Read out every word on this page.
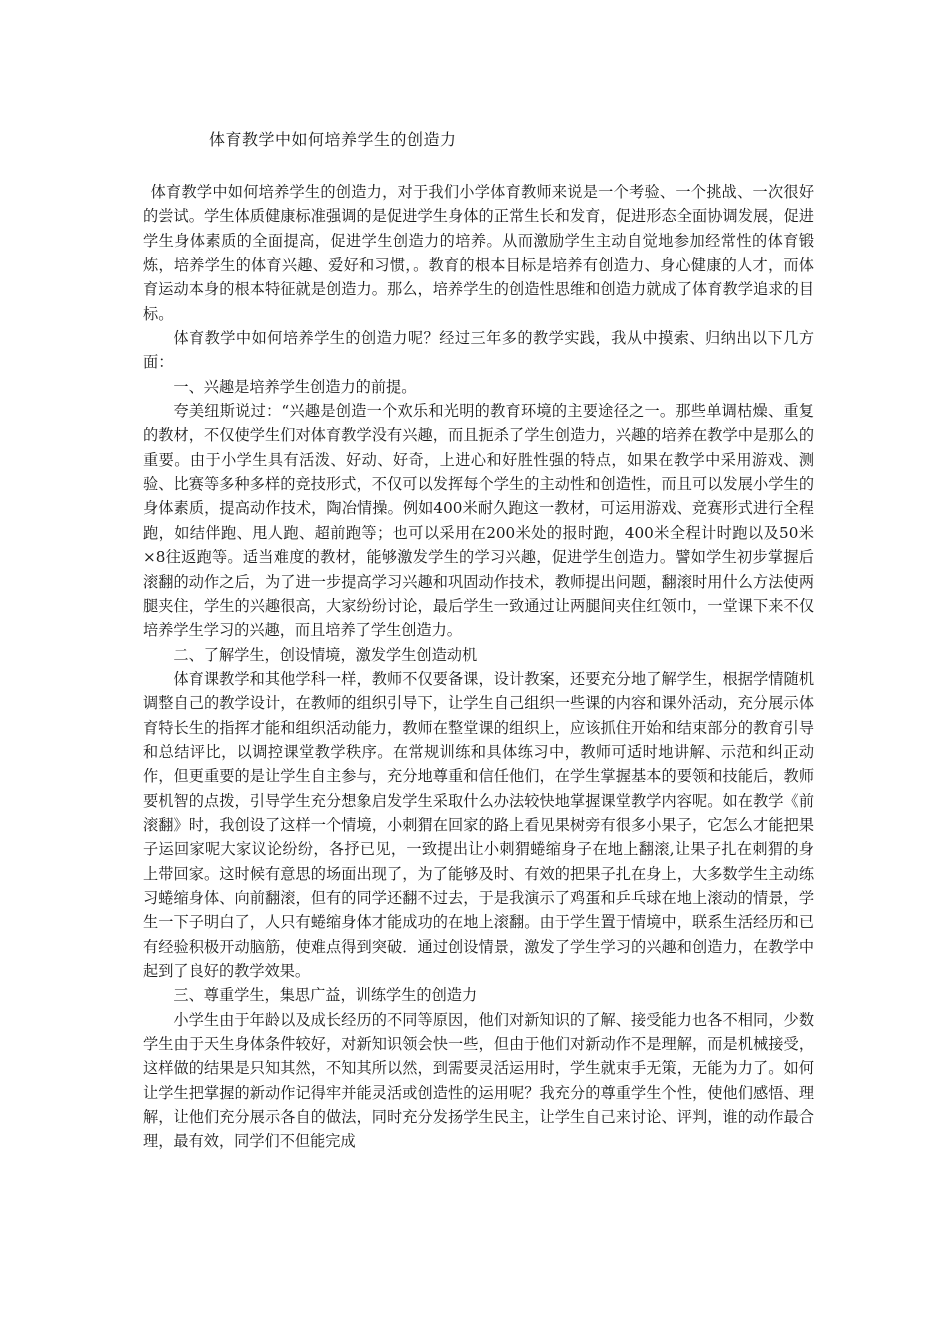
体育教学中如何培养学生的创造力

体育教学中如何培养学生的创造力，对于我们小学体育教师来说是一个考验、一个挑战、一次很好的尝试。学生体质健康标准强调的是促进学生身体的正常生长和发育，促进形态全面协调发展，促进学生身体素质的全面提高，促进学生创造力的培养。从而激励学生主动自觉地参加经常性的体育锻炼，培养学生的体育兴趣、爱好和习惯，。教育的根本目标是培养有创造力、身心健康的人才，而体育运动本身的根本特征就是创造力。那么，培养学生的创造性思维和创造力就成了体育教学追求的目标。

体育教学中如何培养学生的创造力呢？经过三年多的教学实践，我从中摸索、归纳出以下几方面：

一、兴趣是培养学生创造力的前提。

夸美纽斯说过：“兴趣是创造一个欢乐和光明的教育环境的主要途径之一。那些单调枯燥、重复的教材，不仅使学生们对体育教学没有兴趣，而且扼杀了学生创造力，兴趣的培养在教学中是那么的重要。由于小学生具有活泼、好动、好奇，上进心和好胜性强的特点，如果在教学中采用游戏、测验、比赛等多种多样的竞技形式，不仅可以发挥每个学生的主动性和创造性，而且可以发展小学生的身体素质，提高动作技术，陶冶情操。例如400米耐久跑这一教材，可运用游戏、竞赛形式进行全程跑，如结伴跑、甩人跑、超前跑等；也可以采用在200米处的报时跑，400米全程计时跑以及50米×8往返跑等。适当难度的教材，能够激发学生的学习兴趣，促进学生创造力。譬如学生初步掌握后滚翻的动作之后，为了进一步提高学习兴趣和巩固动作技术，教师提出问题，翻滚时用什么方法使两腿夹住，学生的兴趣很高，大家纷纷讨论，最后学生一致通过让两腿间夹住红领巾，一堂课下来不仅培养学生学习的兴趣，而且培养了学生创造力。

二、了解学生，创设情境，激发学生创造动机

体育课教学和其他学科一样，教师不仅要备课，设计教案，还要充分地了解学生，根据学情随机调整自己的教学设计，在教师的组织引导下，让学生自己组织一些课的内容和课外活动，充分展示体育特长生的指挥才能和组织活动能力，教师在整堂课的组织上，应该抓住开始和结束部分的教育引导和总结评比，以调控课堂教学秩序。在常规训练和具体练习中，教师可适时地讲解、示范和纠正动作，但更重要的是让学生自主参与，充分地尊重和信任他们，在学生掌握基本的要领和技能后，教师要机智的点拨，引导学生充分想象启发学生采取什么办法较快地掌握课堂教学内容呢。如在教学《前滚翻》时，我创设了这样一个情境，小刺猬在回家的路上看见果树旁有很多小果子，它怎么才能把果子运回家呢大家议论纷纷，各抒已见，一致提出让小刺猬蜷缩身子在地上翻滚,让果子扎在刺猬的身上带回家。这时候有意思的场面出现了，为了能够及时、有效的把果子扎在身上，大多数学生主动练习蜷缩身体、向前翻滚，但有的同学还翻不过去，于是我演示了鸡蛋和乒乓球在地上滚动的情景，学生一下子明白了，人只有蜷缩身体才能成功的在地上滚翻。由于学生置于情境中，联系生活经历和已有经验积极开动脑筋，使难点得到突破．通过创设情景，激发了学生学习的兴趣和创造力，在教学中起到了良好的教学效果。

三、尊重学生，集思广益，训练学生的创造力

小学生由于年龄以及成长经历的不同等原因，他们对新知识的了解、接受能力也各不相同，少数学生由于天生身体条件较好，对新知识领会快一些，但由于他们对新动作不是理解，而是机械接受，这样做的结果是只知其然，不知其所以然，到需要灵活运用时，学生就束手无策，无能为力了。如何让学生把掌握的新动作记得牢并能灵活或创造性的运用呢？我充分的尊重学生个性，使他们感悟、理解，让他们充分展示各自的做法，同时充分发扬学生民主，让学生自己来讨论、评判，谁的动作最合理，最有效，同学们不但能完成
